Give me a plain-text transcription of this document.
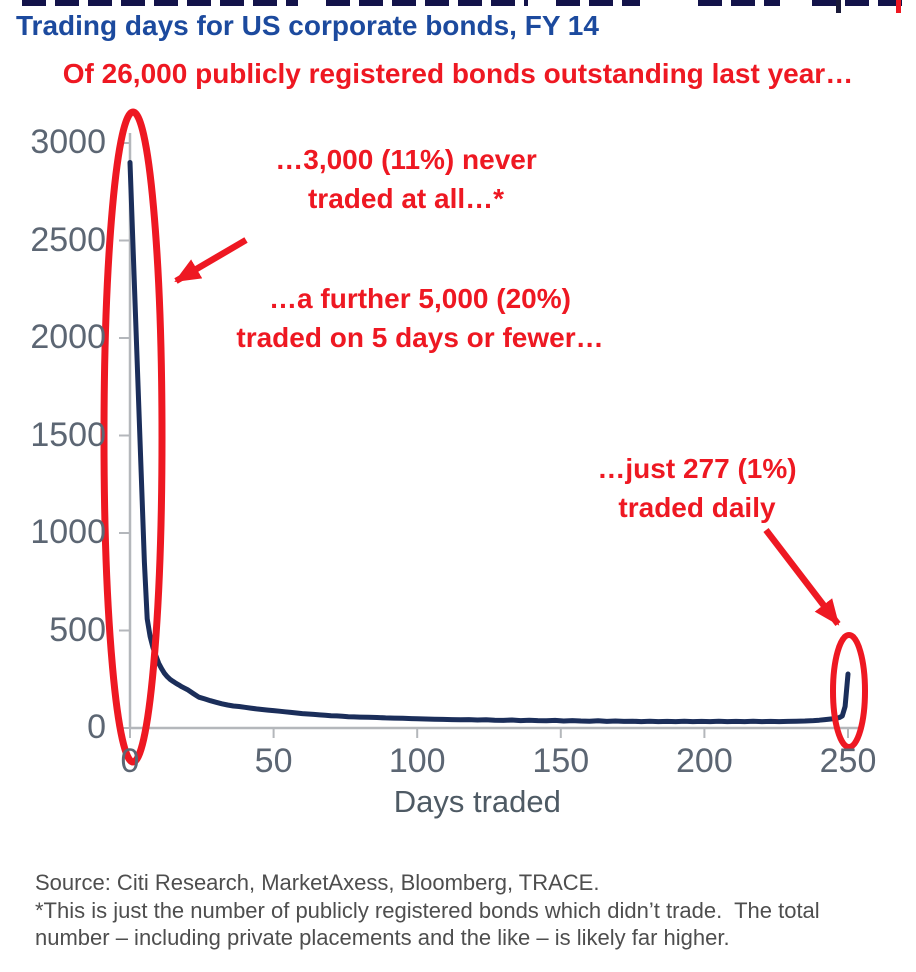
Trading days for US corporate bonds, FY 14
Of 26,000 publicly registered bonds outstanding last year…
0
500
1000
1500
2000
2500
3000
0	50	100	150	200	250
Days traded
…3,000 (11%) never
traded at all…*
…a further 5,000 (20%)
traded on 5 days or fewer…
…just 277 (1%)
traded daily
Source: Citi Research, MarketAxess, Bloomberg, TRACE.
*This is just the number of publicly registered bonds which didn’t trade.  The total
number – including private placements and the like – is likely far higher.
